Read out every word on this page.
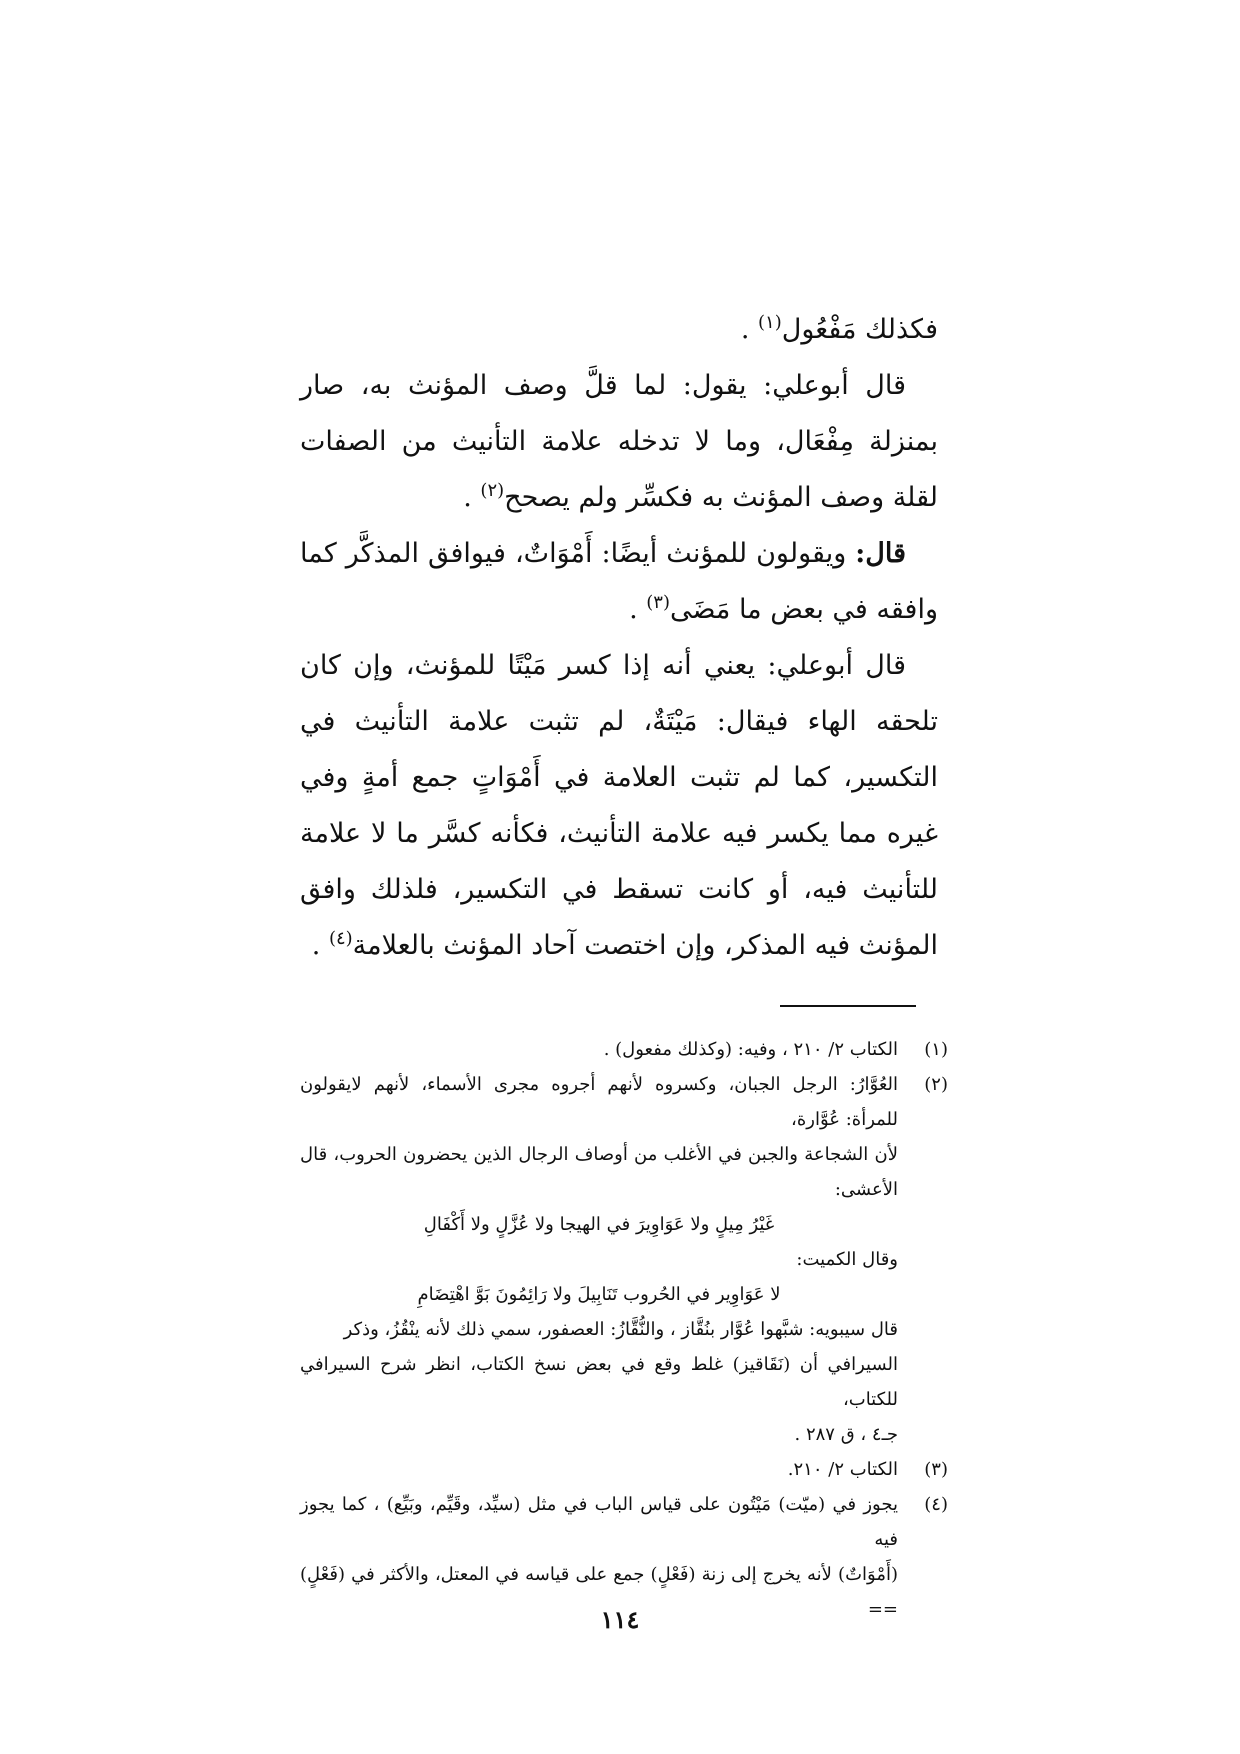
فكذلك مَفْعُول$^{(١)}$ .

قال أبوعلي: يقول: لما قلَّ وصف المؤنث به، صار بمنزلة مِفْعَال، وما لا تدخله علامة التأنيث من الصفات لقلة وصف المؤنث به فكسِّر ولم يصحح$^{(٢)}$ .

قال: ويقولون للمؤنث أيضًا: أَمْوَاتٌ، فيوافق المذكَّر كما وافقه في بعض ما مَضَى$^{(٣)}$ .

قال أبوعلي: يعني أنه إذا كسر مَيْتًا للمؤنث، وإن كان تلحقه الهاء فيقال: مَيْتَةٌ، لم تثبت علامة التأنيث في التكسير، كما لم تثبت العلامة في أَمْوَاتٍ جمع أمةٍ وفي غيره مما يكسر فيه علامة التأنيث، فكأنه كسَّر ما لا علامة للتأنيث فيه، أو كانت تسقط في التكسير، فلذلك وافق المؤنث فيه المذكر، وإن اختصت آحاد المؤنث بالعلامة$^{(٤)}$ .

(١)

الكتاب ٢/ ٢١٠ ، وفيه: (وكذلك مفعول) .

(٢)

العُوَّارُ: الرجل الجبان، وكسروه لأنهم أجروه مجرى الأسماء، لأنهم لايقولون للمرأة: عُوَّارة،

لأن الشجاعة والجبن في الأغلب من أوصاف الرجال الذين يحضرون الحروب، قال الأعشى:

غَيْرُ مِيلٍ ولا عَوَاوِيرَ في الهيجا ولا عُزَّلٍ ولا أَكْفَالِ

وقال الكميت:

لا عَوَاوِير في الحُروب تَنَابِيلَ ولا رَائِمُونَ بَوَّ اهْتِضَامِ

قال سيبويه: شبَّهوا عُوَّار بنُقَّاز ، والنُّقَّازُ: العصفور، سمي ذلك لأنه ينْقُزُ، وذكر

السيرافي أن (نَقَاقيز) غلط وقع في بعض نسخ الكتاب، انظر شرح السيرافي للكتاب،

جـ٤ ، ق ٢٨٧ .

(٣)

الكتاب ٢/ ٢١٠.

(٤)

يجوز في (ميّت) مَيْتُون على قياس الباب في مثل (سيِّد، وقَيِّم، وبَيِّع) ، كما يجوز فيه

(أَمْوَاتٌ) لأنه يخرج إلى زنة (فَعْلٍ) جمع على قياسه في المعتل، والأكثر في (فَعْلٍ) ==

١١٤
